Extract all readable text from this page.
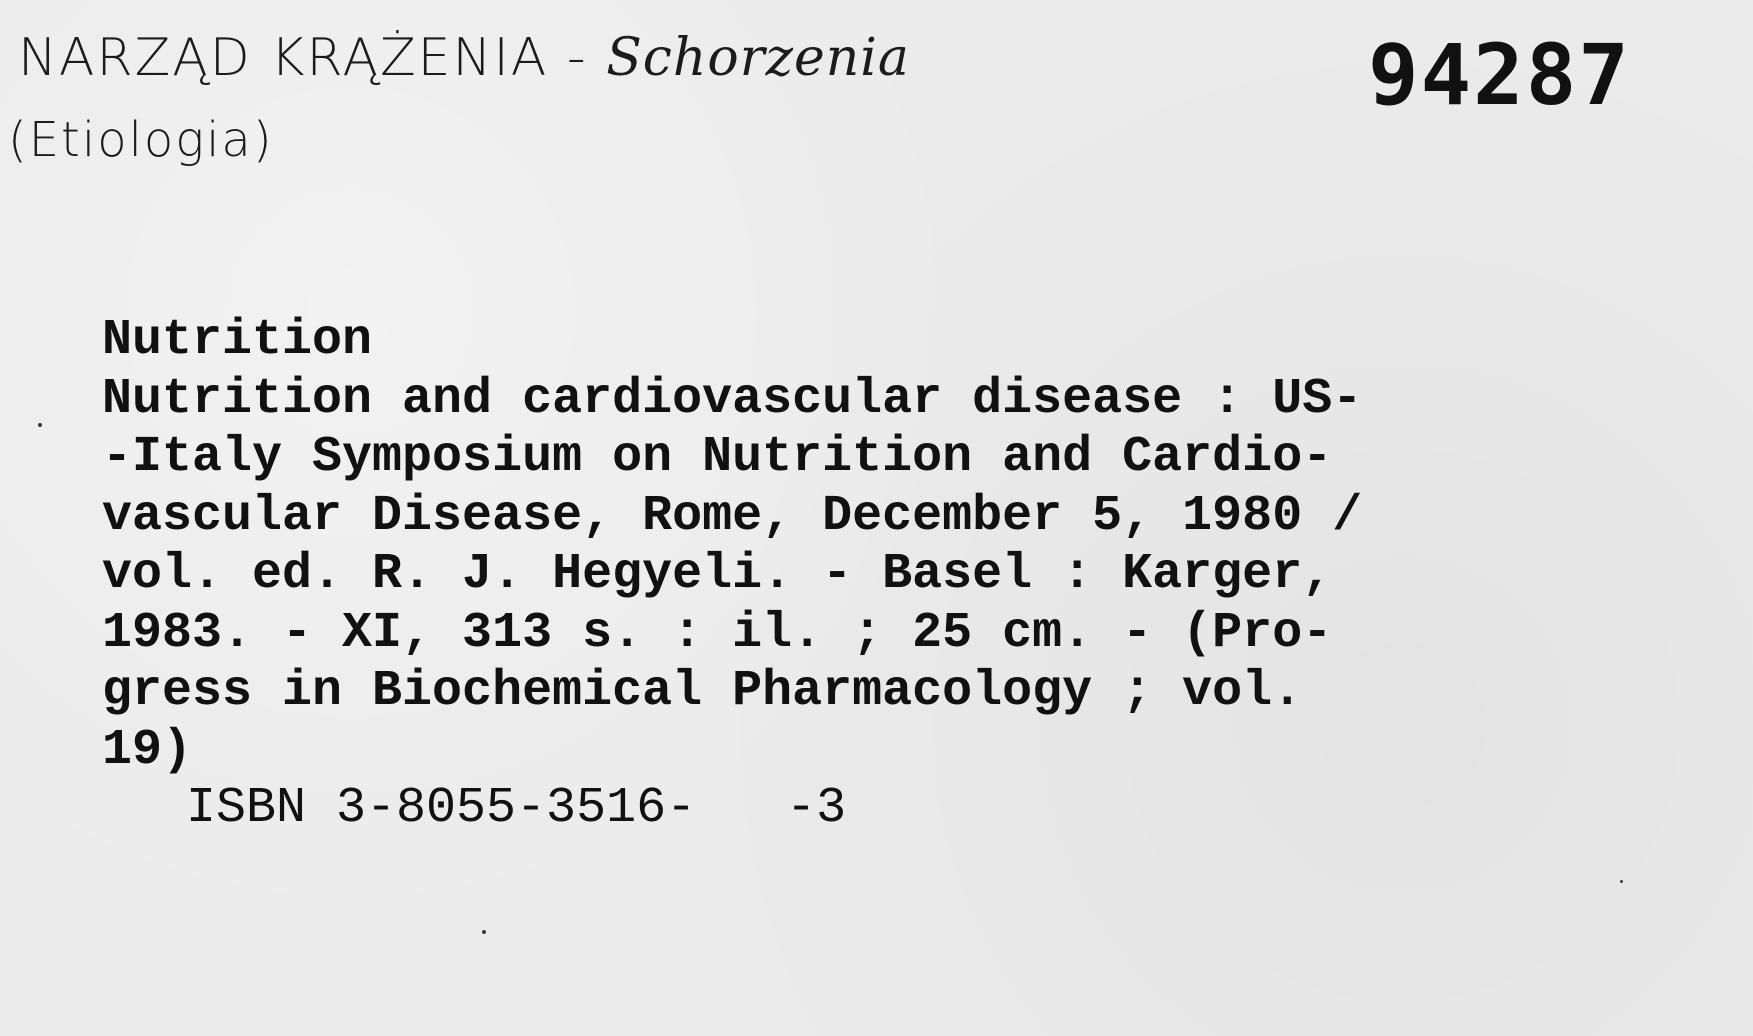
NARZĄD KRĄŻENIA - Schorzenia
(Etiologia)
94287
Nutrition
Nutrition and cardiovascular disease : US-
-Italy Symposium on Nutrition and Cardio-
vascular Disease, Rome, December 5, 1980 /
vol. ed. R. J. Hegyeli. - Basel : Karger,
1983. - XI, 313 s. : il. ; 25 cm. - (Pro-
gress in Biochemical Pharmacology ; vol.
19)
ISBN 3-8055-3516-   -3
